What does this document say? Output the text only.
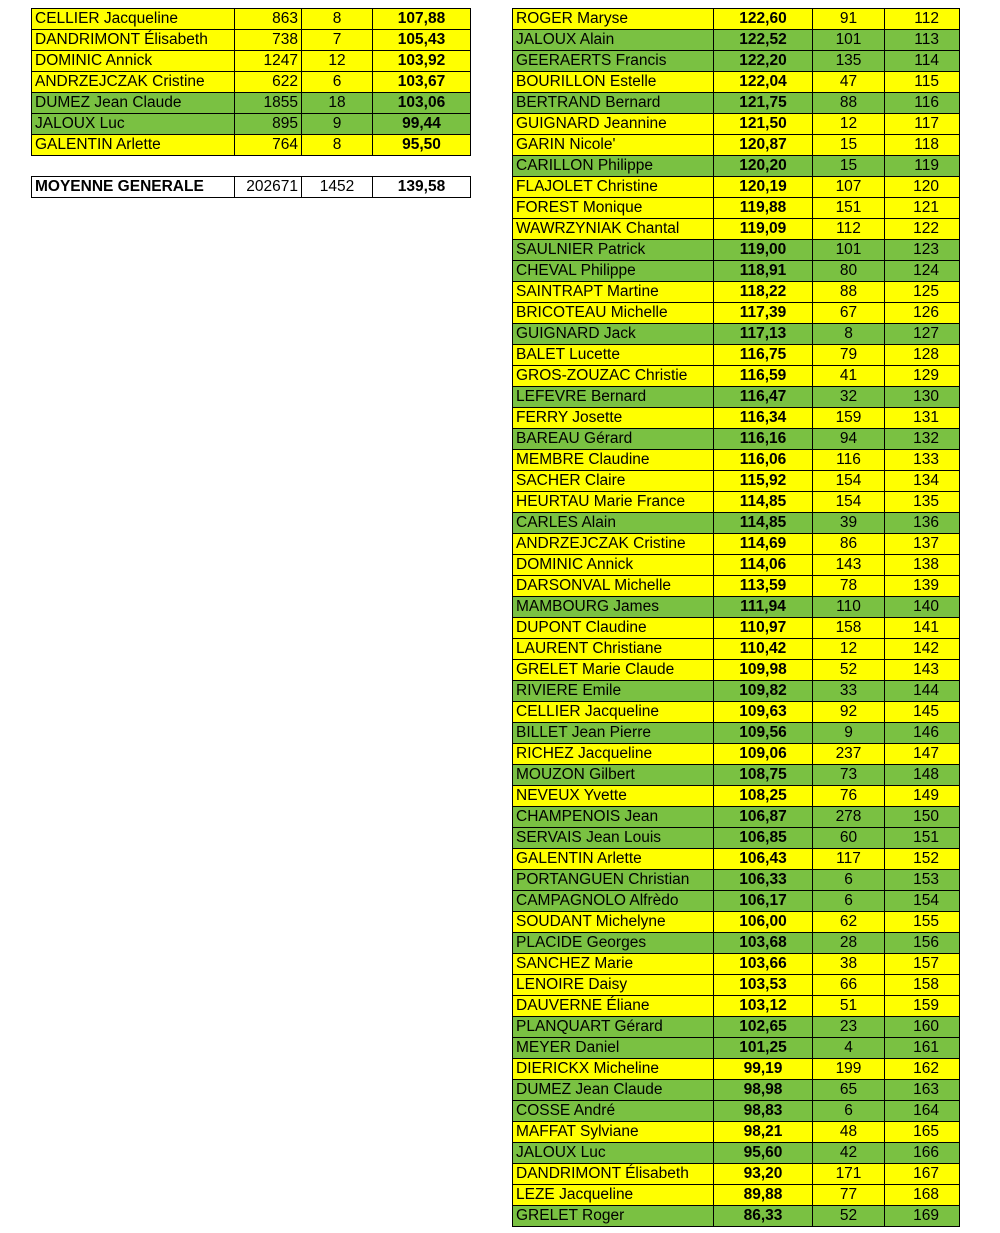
CELLIER Jacqueline	863	8	107,88
DANDRIMONT Élisabeth	738	7	105,43
DOMINIC Annick	1247	12	103,92
ANDRZEJCZAK Cristine	622	6	103,67
DUMEZ Jean Claude	1855	18	103,06
JALOUX Luc	895	9	99,44
GALENTIN Arlette	764	8	95,50
MOYENNE GENERALE	202671	1452	139,58
ROGER Maryse	122,60	91	112
JALOUX Alain	122,52	101	113
GEERAERTS Francis	122,20	135	114
BOURILLON Estelle	122,04	47	115
BERTRAND Bernard	121,75	88	116
GUIGNARD Jeannine	121,50	12	117
GARIN Nicole'	120,87	15	118
CARILLON Philippe	120,20	15	119
FLAJOLET Christine	120,19	107	120
FOREST Monique	119,88	151	121
WAWRZYNIAK Chantal	119,09	112	122
SAULNIER Patrick	119,00	101	123
CHEVAL Philippe	118,91	80	124
SAINTRAPT Martine	118,22	88	125
BRICOTEAU Michelle	117,39	67	126
GUIGNARD Jack	117,13	8	127
BALET Lucette	116,75	79	128
GROS-ZOUZAC Christie	116,59	41	129
LEFEVRE Bernard	116,47	32	130
FERRY Josette	116,34	159	131
BAREAU Gérard	116,16	94	132
MEMBRE Claudine	116,06	116	133
SACHER Claire	115,92	154	134
HEURTAU Marie France	114,85	154	135
CARLES Alain	114,85	39	136
ANDRZEJCZAK Cristine	114,69	86	137
DOMINIC Annick	114,06	143	138
DARSONVAL Michelle	113,59	78	139
MAMBOURG James	111,94	110	140
DUPONT Claudine	110,97	158	141
LAURENT Christiane	110,42	12	142
GRELET Marie Claude	109,98	52	143
RIVIERE Emile	109,82	33	144
CELLIER Jacqueline	109,63	92	145
BILLET Jean Pierre	109,56	9	146
RICHEZ Jacqueline	109,06	237	147
MOUZON Gilbert	108,75	73	148
NEVEUX Yvette	108,25	76	149
CHAMPENOIS Jean	106,87	278	150
SERVAIS Jean Louis	106,85	60	151
GALENTIN Arlette	106,43	117	152
PORTANGUEN Christian	106,33	6	153
CAMPAGNOLO Alfrèdo	106,17	6	154
SOUDANT Michelyne	106,00	62	155
PLACIDE Georges	103,68	28	156
SANCHEZ Marie	103,66	38	157
LENOIRE Daisy	103,53	66	158
DAUVERNE Éliane	103,12	51	159
PLANQUART Gérard	102,65	23	160
MEYER Daniel	101,25	4	161
DIERICKX Micheline	99,19	199	162
DUMEZ Jean Claude	98,98	65	163
COSSE André	98,83	6	164
MAFFAT Sylviane	98,21	48	165
JALOUX Luc	95,60	42	166
DANDRIMONT Élisabeth	93,20	171	167
LEZE Jacqueline	89,88	77	168
GRELET Roger	86,33	52	169
